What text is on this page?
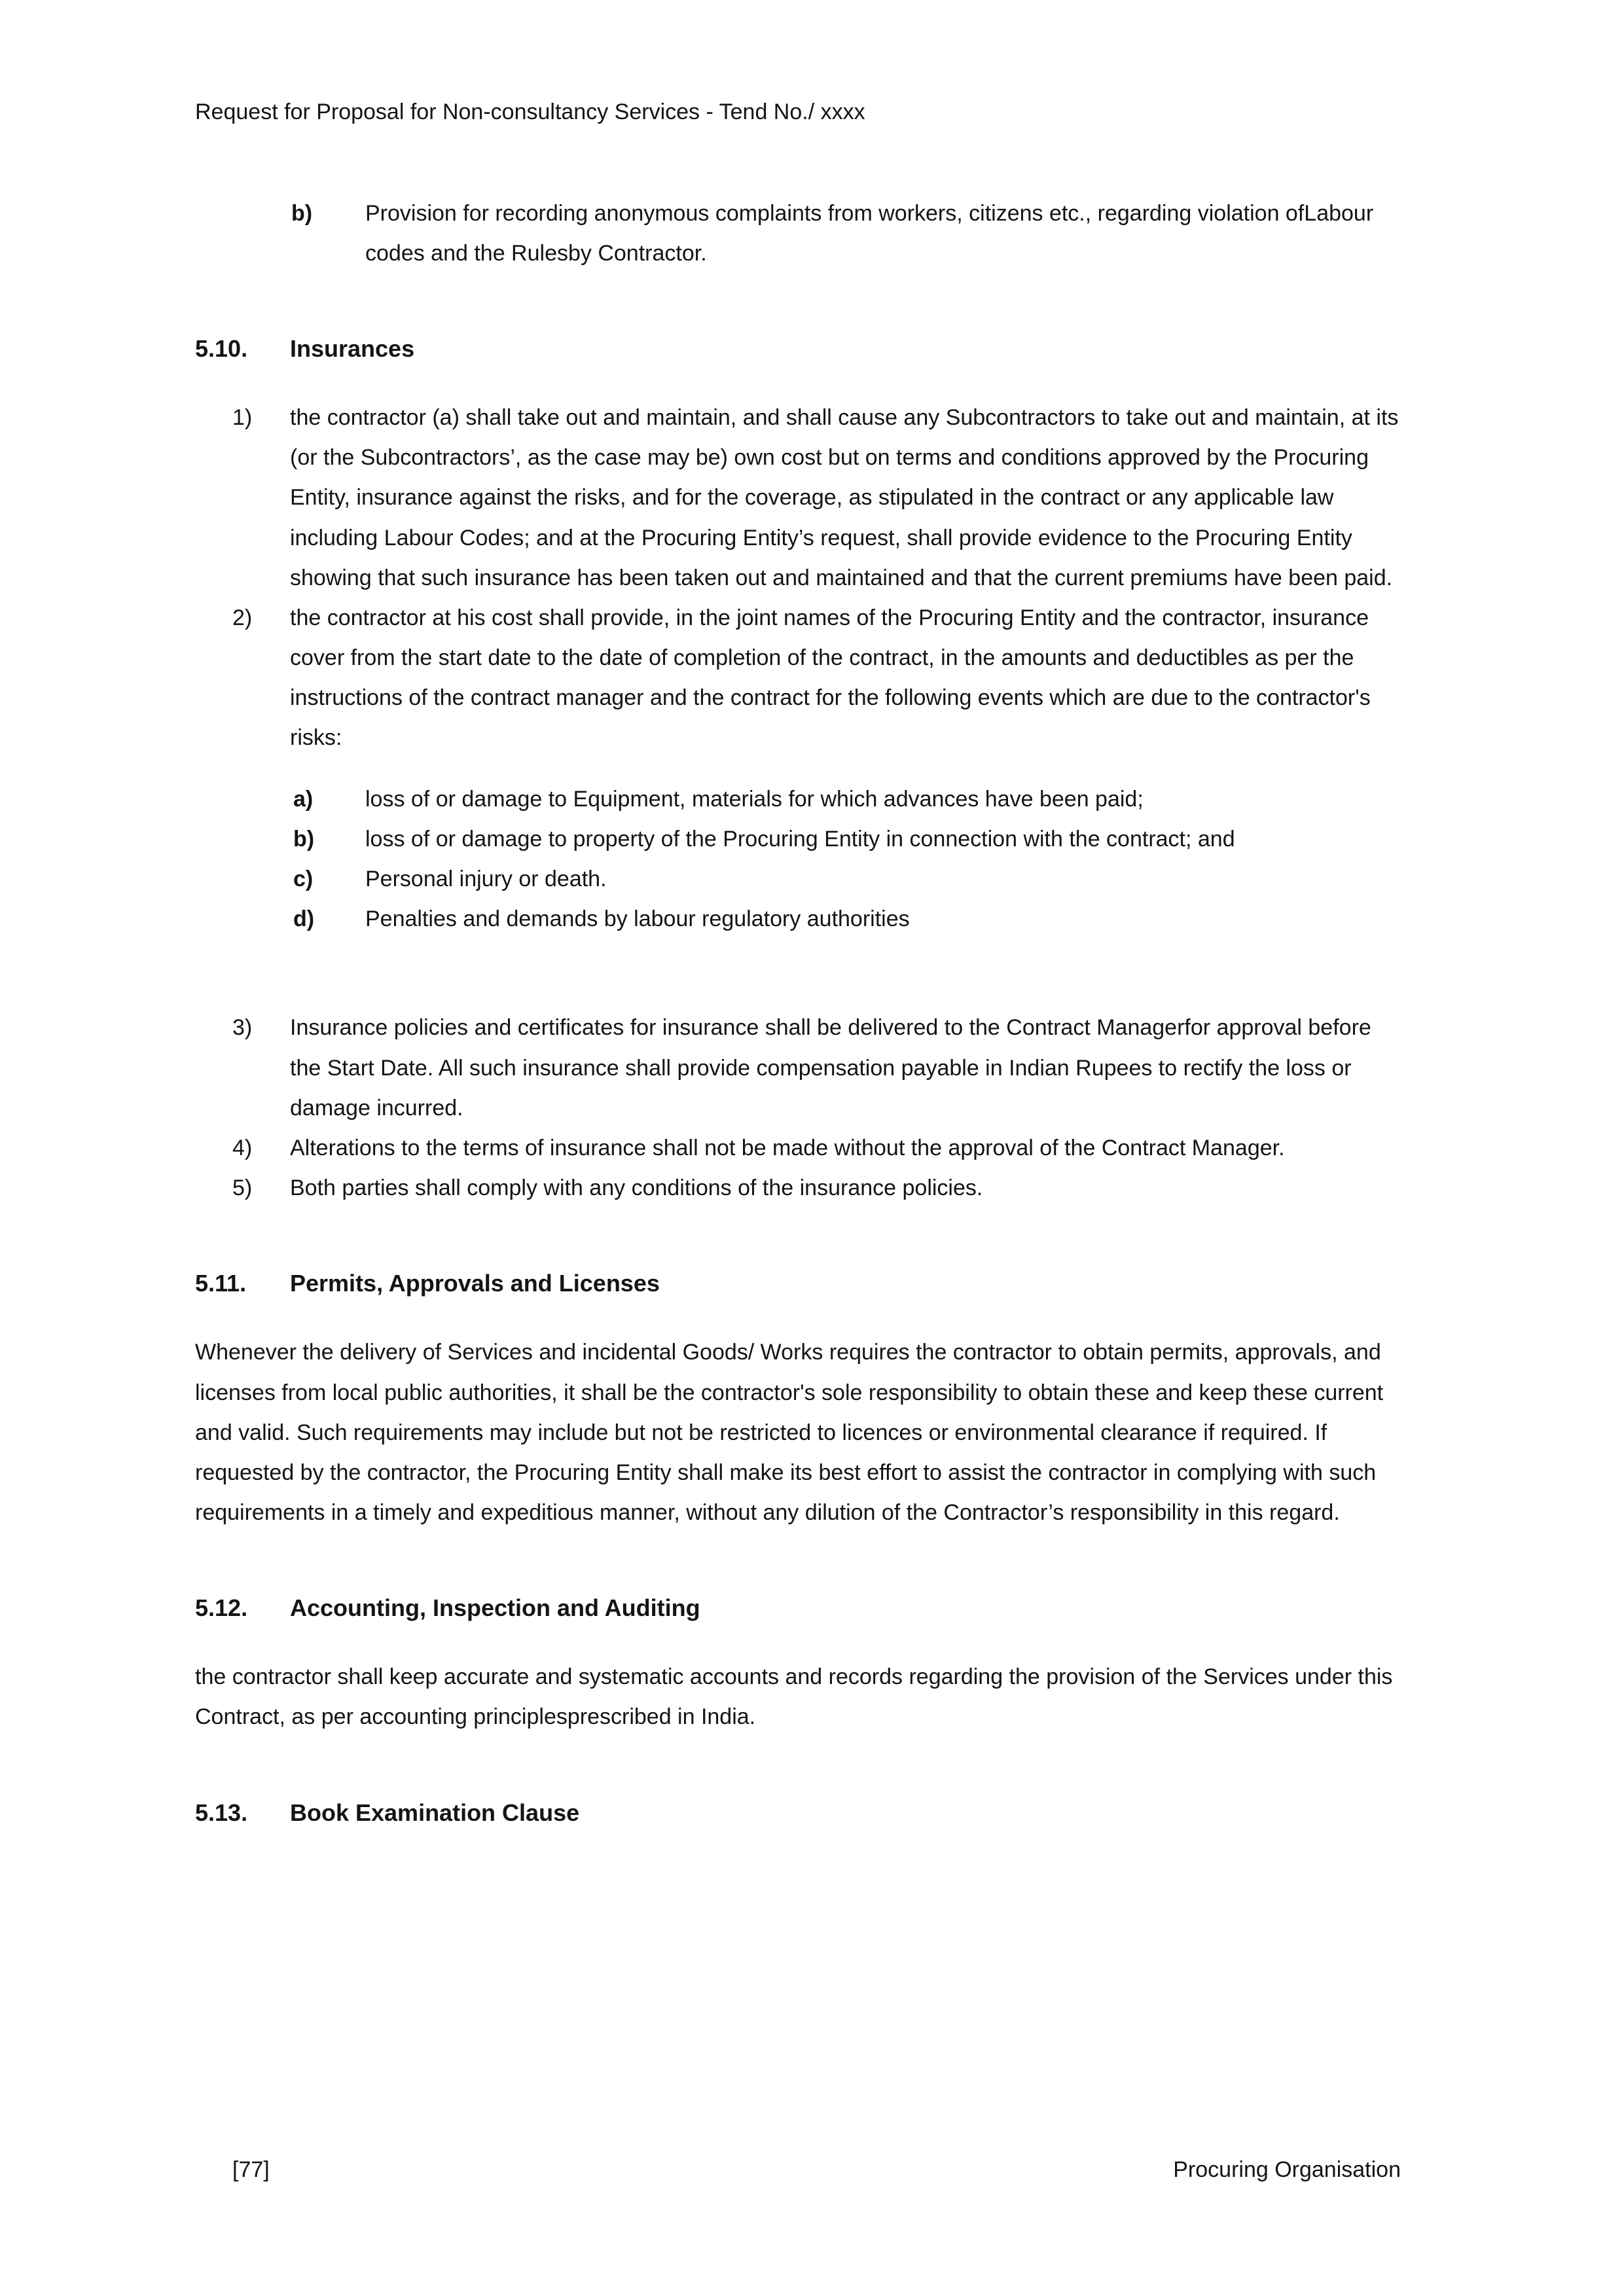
Request for Proposal for Non-consultancy Services - Tend No./ xxxx
b)	Provision for recording anonymous complaints from workers, citizens etc., regarding violation ofLabour codes and the Rulesby Contractor.
5.10.	Insurances
1)	the contractor (a) shall take out and maintain, and shall cause any Subcontractors to take out and maintain, at its (or the Subcontractors’, as the case may be) own cost but on terms and conditions approved by the Procuring Entity, insurance against the risks, and for the coverage, as stipulated in the contract or any applicable law including Labour Codes; and at the Procuring Entity’s request, shall provide evidence to the Procuring Entity showing that such insurance has been taken out and maintained and that the current premiums have been paid.
2)	the contractor at his cost shall provide, in the joint names of the Procuring Entity and the contractor, insurance cover from the start date to the date of completion of the contract, in the amounts and deductibles as per the instructions of the contract manager and the contract for the following events which are due to the contractor's risks:
a)	loss of or damage to Equipment, materials for which advances have been paid;
b)	loss of or damage to property of the Procuring Entity in connection with the contract; and
c)	Personal injury or death.
d)	Penalties and demands by labour regulatory authorities
3)	Insurance policies and certificates for insurance shall be delivered to the Contract Managerfor approval before the Start Date. All such insurance shall provide compensation payable in Indian Rupees to rectify the loss or damage incurred.
4)	Alterations to the terms of insurance shall not be made without the approval of the Contract Manager.
5)	Both parties shall comply with any conditions of the insurance policies.
5.11.	Permits, Approvals and Licenses
Whenever the delivery of Services and incidental Goods/ Works requires the contractor to obtain permits, approvals, and licenses from local public authorities, it shall be the contractor's sole responsibility to obtain these and keep these current and valid. Such requirements may include but not be restricted to licences or environmental clearance if required. If requested by the contractor, the Procuring Entity shall make its best effort to assist the contractor in complying with such requirements in a timely and expeditious manner, without any dilution of the Contractor’s responsibility in this regard.
5.12.	Accounting, Inspection and Auditing
the contractor shall keep accurate and systematic accounts and records regarding the provision of the Services under this Contract, as per accounting principlesprescribed in India.
5.13.	Book Examination Clause
[77]	Procuring Organisation
